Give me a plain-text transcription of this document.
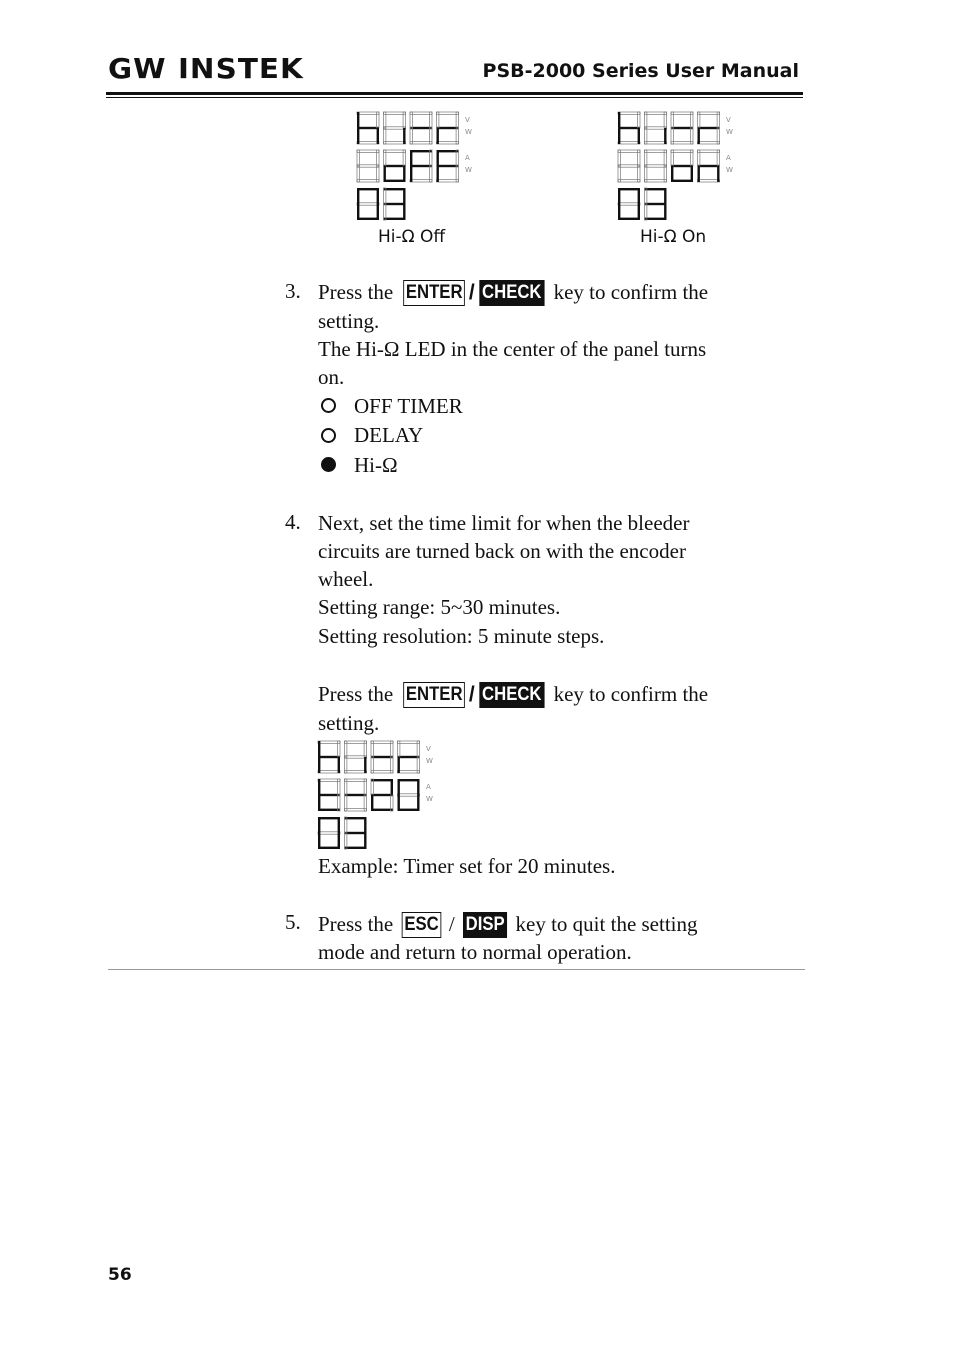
GW INSTEK	PSB-2000 Series User Manual
V
W
A
W
Hi-Ω Off
V
W
A
W
Hi-Ω On
3. Press the ENTER / CHECK key to confirm the
setting.
The Hi-Ω LED in the center of the panel turns
on.
OFF TIMER
DELAY
Hi-Ω
4. Next, set the time limit for when the bleeder
circuits are turned back on with the encoder
wheel.
Setting range: 5~30 minutes.
Setting resolution: 5 minute steps.
Press the ENTER / CHECK key to confirm the
setting.
V
W
A
W
Example: Timer set for 20 minutes.
5. Press the ESC / DISP key to quit the setting
mode and return to normal operation.
56
